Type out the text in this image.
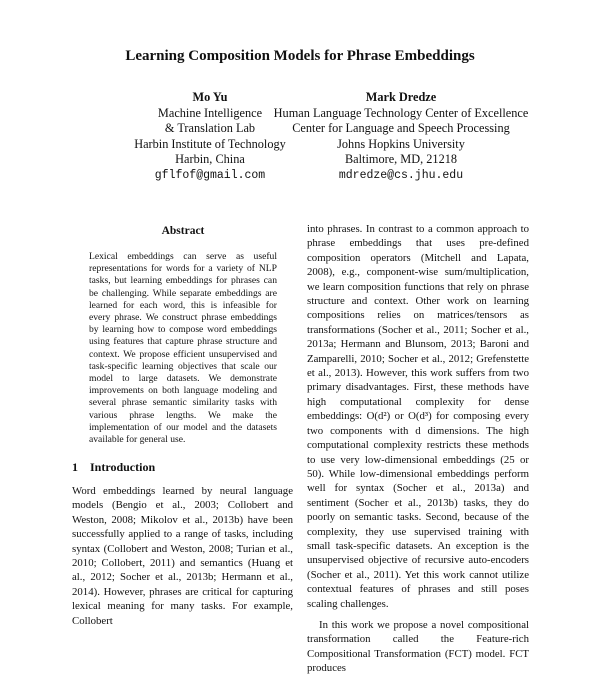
Learning Composition Models for Phrase Embeddings
Mo Yu
Machine Intelligence
& Translation Lab
Harbin Institute of Technology
Harbin, China
gflfof@gmail.com
Mark Dredze
Human Language Technology Center of Excellence
Center for Language and Speech Processing
Johns Hopkins University
Baltimore, MD, 21218
mdredze@cs.jhu.edu
Abstract
Lexical embeddings can serve as useful representations for words for a variety of NLP tasks, but learning embeddings for phrases can be challenging. While separate embeddings are learned for each word, this is infeasible for every phrase. We construct phrase embeddings by learning how to compose word embeddings using features that capture phrase structure and context. We propose efficient unsupervised and task-specific learning objectives that scale our model to large datasets. We demonstrate improvements on both language modeling and several phrase semantic similarity tasks with various phrase lengths. We make the implementation of our model and the datasets available for general use.
1 Introduction
Word embeddings learned by neural language models (Bengio et al., 2003; Collobert and Weston, 2008; Mikolov et al., 2013b) have been successfully applied to a range of tasks, including syntax (Collobert and Weston, 2008; Turian et al., 2010; Collobert, 2011) and semantics (Huang et al., 2012; Socher et al., 2013b; Hermann et al., 2014). However, phrases are critical for capturing lexical meaning for many tasks. For example, Collobert

into phrases. In contrast to a common approach to phrase embeddings that uses pre-defined composition operators (Mitchell and Lapata, 2008), e.g., component-wise sum/multiplication, we learn composition functions that rely on phrase structure and context. Other work on learning compositions relies on matrices/tensors as transformations (Socher et al., 2011; Socher et al., 2013a; Hermann and Blunsom, 2013; Baroni and Zamparelli, 2010; Socher et al., 2012; Grefenstette et al., 2013). However, this work suffers from two primary disadvantages. First, these methods have high computational complexity for dense embeddings: O(d²) or O(d³) for composing every two components with d dimensions. The high computational complexity restricts these methods to use very low-dimensional embeddings (25 or 50). While low-dimensional embeddings perform well for syntax (Socher et al., 2013a) and sentiment (Socher et al., 2013b) tasks, they do poorly on semantic tasks. Second, because of the complexity, they use supervised training with small task-specific datasets. An exception is the unsupervised objective of recursive auto-encoders (Socher et al., 2011). Yet this work cannot utilize contextual features of phrases and still poses scaling challenges.

In this work we propose a novel compositional transformation called the Feature-rich Compositional Transformation (FCT) model. FCT produces
